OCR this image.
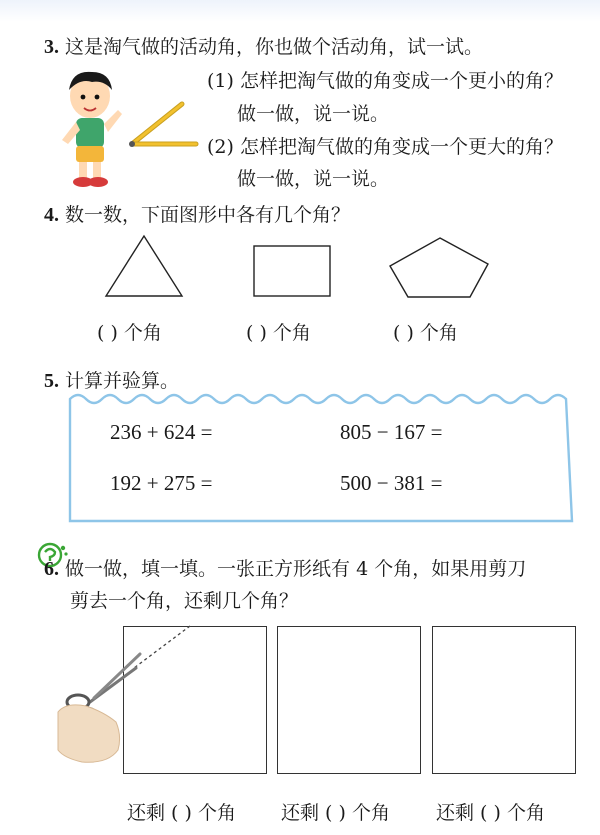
3. 这是淘气做的活动角，你也做个活动角，试一试。
(1) 怎样把淘气做的角变成一个更小的角？
做一做，说一说。
(2) 怎样把淘气做的角变成一个更大的角？
做一做，说一说。
4. 数一数，下面图形中各有几个角？
( ) 个角	( ) 个角	( ) 个角
5. 计算并验算。
236 + 624 =	805 − 167 =
192 + 275 =	500 − 381 =
6. 做一做，填一填。一张正方形纸有 4 个角，如果用剪刀
剪去一个角，还剩几个角？
还剩 ( ) 个角 还剩 ( ) 个角 还剩 ( ) 个角
